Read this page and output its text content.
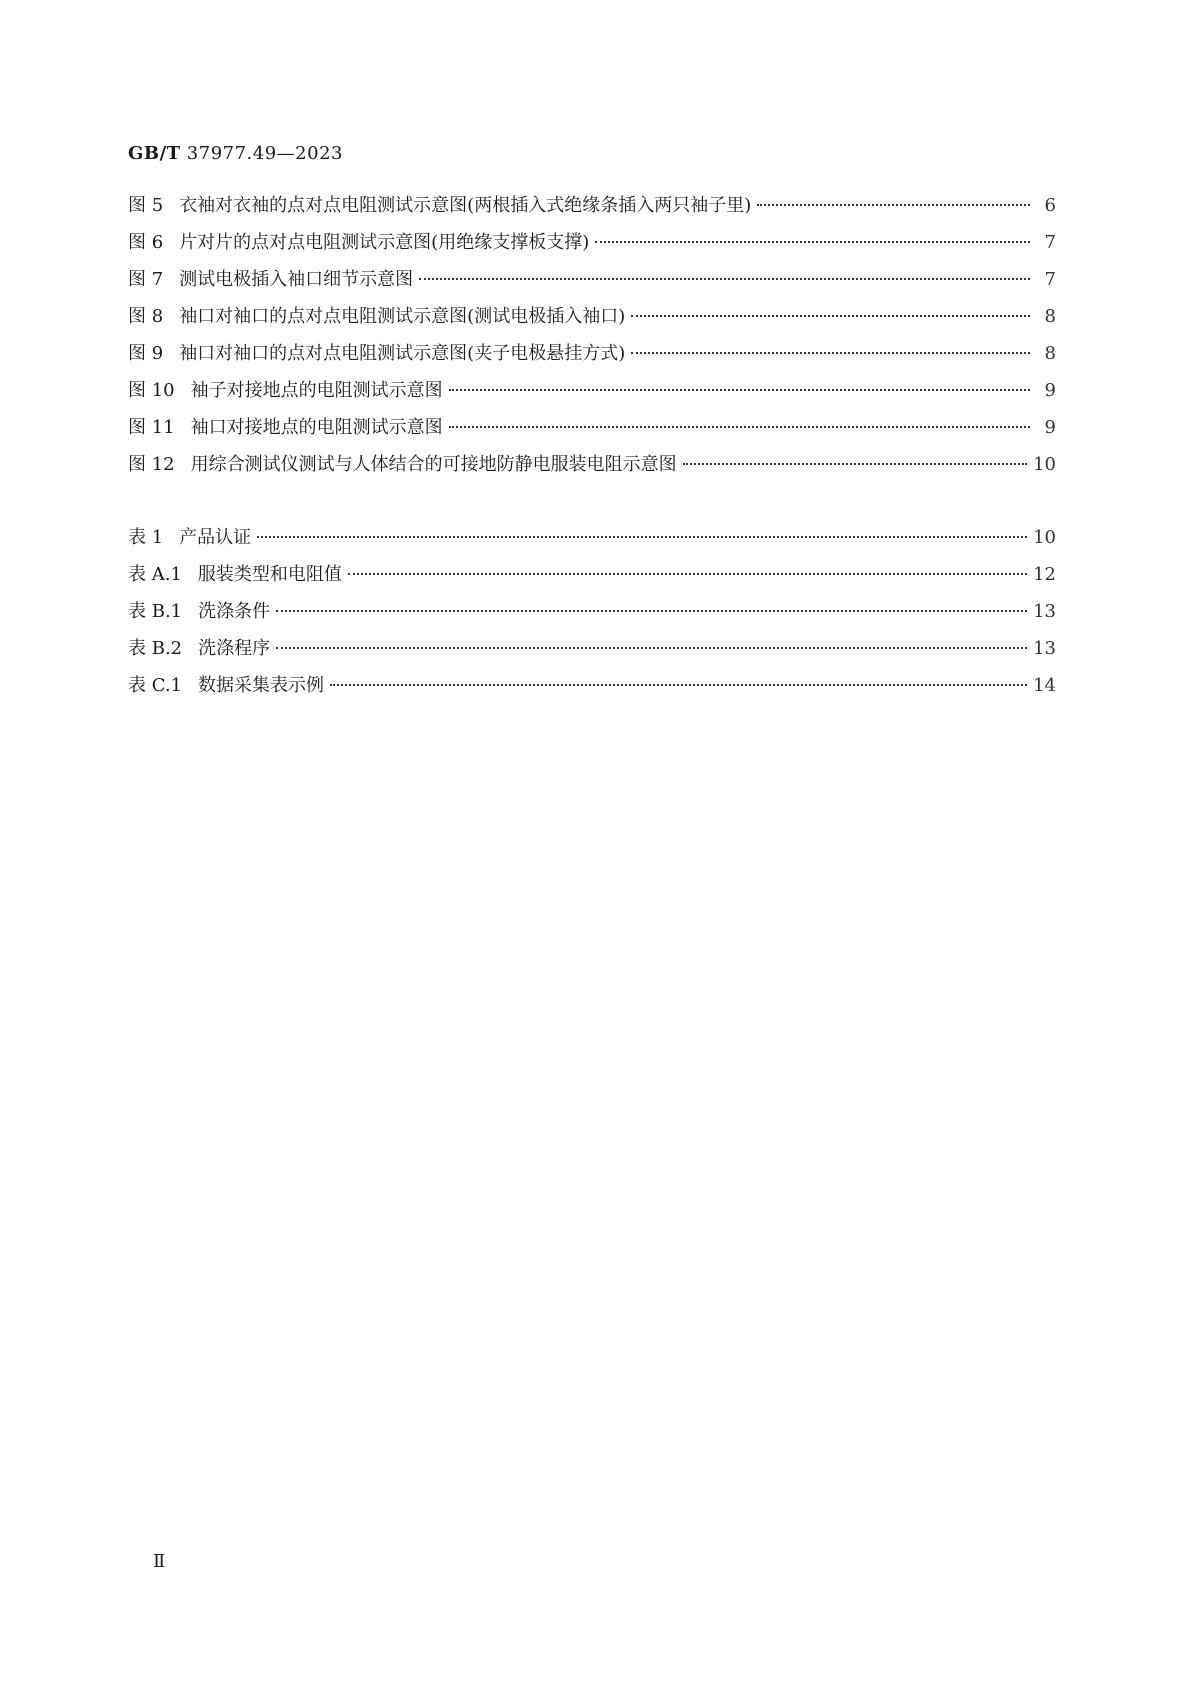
GB/T 37977.49—2023
图 5 衣袖对衣袖的点对点电阻测试示意图(两根插入式绝缘条插入两只袖子里)	6
图 6 片对片的点对点电阻测试示意图(用绝缘支撑板支撑)	7
图 7 测试电极插入袖口细节示意图	7
图 8 袖口对袖口的点对点电阻测试示意图(测试电极插入袖口)	8
图 9 袖口对袖口的点对点电阻测试示意图(夹子电极悬挂方式)	8
图 10 袖子对接地点的电阻测试示意图	9
图 11 袖口对接地点的电阻测试示意图	9
图 12 用综合测试仪测试与人体结合的可接地防静电服装电阻示意图	10
表 1 产品认证	10
表 A.1 服装类型和电阻值	12
表 B.1 洗涤条件	13
表 B.2 洗涤程序	13
表 C.1 数据采集表示例	14
Ⅱ
